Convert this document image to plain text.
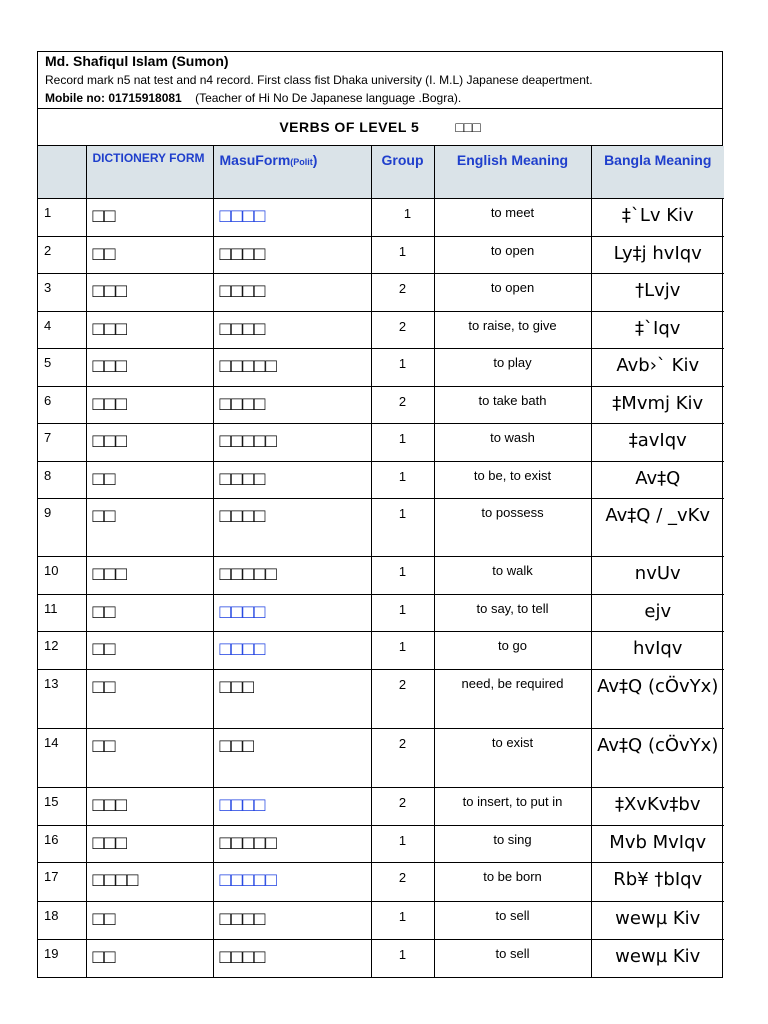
Md. Shafiqul Islam (Sumon)
Record mark n5 nat test and n4 record. First class fist Dhaka university (I. M.L) Japanese deapertment.
Mobile no: 01715918081 (Teacher of Hi No De Japanese language .Bogra).
VERBS OF LEVEL 5	□□□
	DICTIONERY FORM	MasuForm(Polit)	Group	English Meaning	Bangla Meaning
1	□□	□□□□	1	to meet	‡`Lv Kiv
2	□□	□□□□	1	to open	Ly‡j hvIqv
3	□□□	□□□□	2	to open	†Lvjv
4	□□□	□□□□	2	to raise, to give	‡`Iqv
5	□□□	□□□□□	1	to play	Avb›` Kiv
6	□□□	□□□□	2	to take bath	‡Mvmj Kiv
7	□□□	□□□□□	1	to wash	‡avIqv
8	□□	□□□□	1	to be, to exist	Av‡Q
9	□□	□□□□	1	to possess	Av‡Q / _vKv
10	□□□	□□□□□	1	to walk	nvUv
11	□□	□□□□	1	to say, to tell	ejv
12	□□	□□□□	1	to go	hvIqv
13	□□	□□□	2	need, be required	Av‡Q (cÖvYx)
14	□□	□□□	2	to exist	Av‡Q (cÖvYx)
15	□□□	□□□□	2	to insert, to put in	‡XvKv‡bv
16	□□□	□□□□□	1	to sing	Mvb MvIqv
17	□□□□	□□□□□	2	to be born	Rb¥ †bIqv
18	□□	□□□□	1	to sell	wewµ Kiv
19	□□	□□□□	1	to sell	wewµ Kiv
